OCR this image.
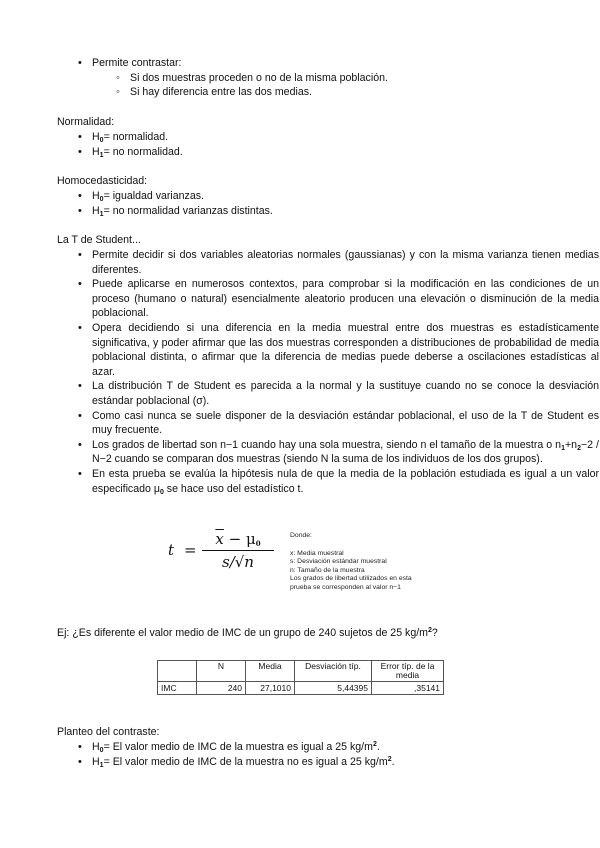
• Permite contrastar:
◦ Si dos muestras proceden o no de la misma población.
◦ Si hay diferencia entre las dos medias.

Normalidad:

• $H_0=$ normalidad.
• $H_1=$ no normalidad.

Homocedasticidad:

• $H_0=$ igualdad varianzas.
• $H_1=$ no normalidad varianzas distintas.

La T de Student...

• Permite decidir si dos variables aleatorias normales (gaussianas) y con la misma varianza tienen medias diferentes.
• Puede aplicarse en numerosos contextos, para comprobar si la modificación en las condiciones de un proceso (humano o natural) esencialmente aleatorio producen una elevación o disminución de la media poblacional.
• Opera decidiendo si una diferencia en la media muestral entre dos muestras es estadísticamente significativa, y poder afirmar que las dos muestras corresponden a distribuciones de probabilidad de media poblacional distinta, o afirmar que la diferencia de medias puede deberse a oscilaciones estadísticas al azar.
• La distribución T de Student es parecida a la normal y la sustituye cuando no se conoce la desviación estándar poblacional (σ).
• Como casi nunca se suele disponer de la desviación estándar poblacional, el uso de la T de Student es muy frecuente.
• Los grados de libertad son n−1 cuando hay una sola muestra, siendo n el tamaño de la muestra o $n_1+n_2-2 / N-2$ cuando se comparan dos muestras (siendo N la suma de los individuos de los dos grupos).
• En esta prueba se evalúa la hipótesis nula de que la media de la población estudiada es igual a un valor especificado $\mu_0$ se hace uso del estadístico t.
t =
$\overline{x} - \mu_0$
s/√n
Donde:
x: Media muestral
s: Desviación estándar muestral
n: Tamaño de la muestra
Los grados de libertad utilizados en esta
prueba se corresponden al valor n−1

Ej: ¿Es diferente el valor medio de IMC de un grupo de 240 sujetos de 25 $kg/m^2$?

	N	Media	Desviación típ.	Error típ. de la media
IMC	240	27,1010	5,44395	,35141

Planteo del contraste:

• $H_0= El$ valor medio de IMC de la muestra es igual a 25 $kg/m^2$.
• $H_1= El$ valor medio de IMC de la muestra no es igual a 25 $kg/m^2$.
